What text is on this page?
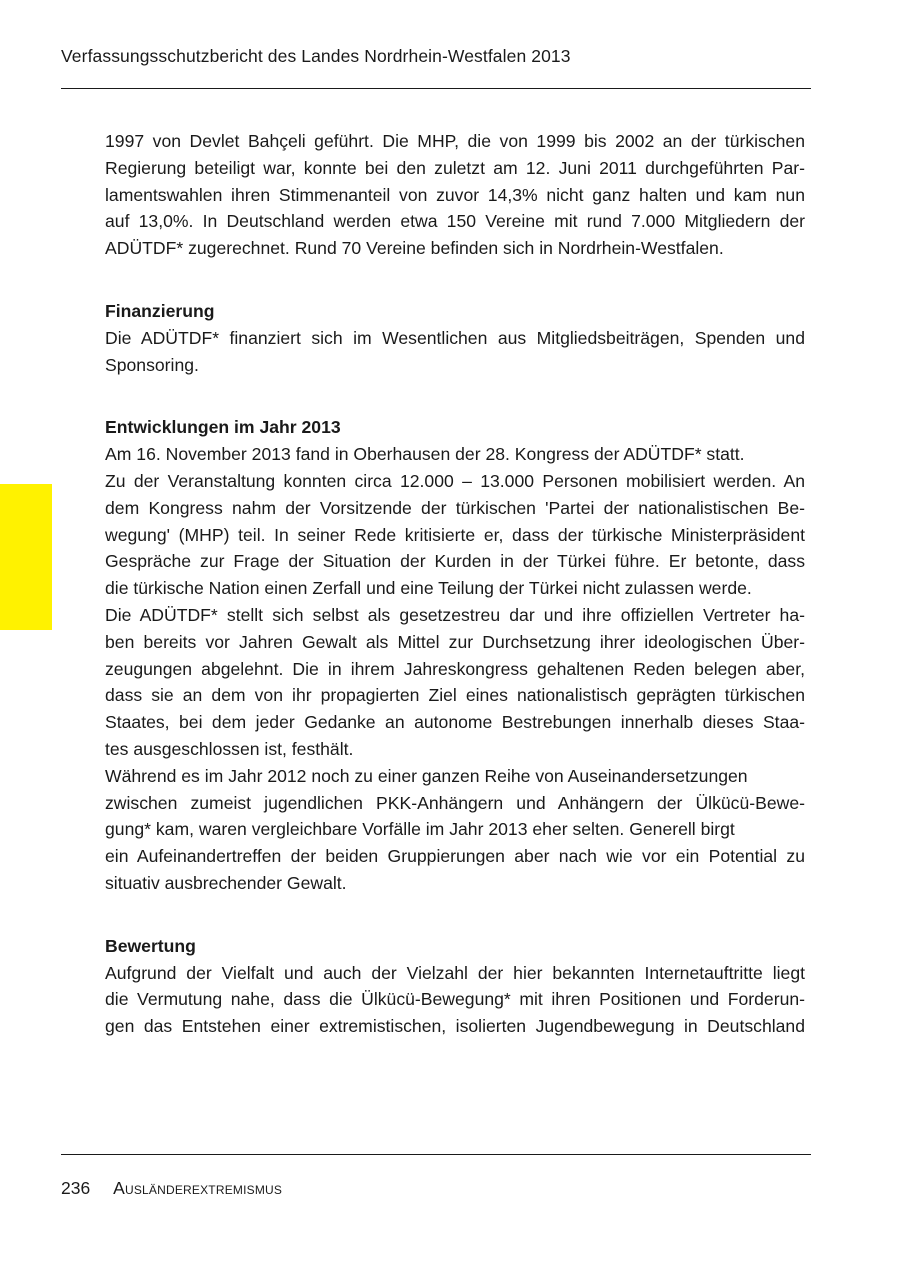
Verfassungsschutzbericht des Landes Nordrhein-Westfalen 2013

1997 von Devlet Bahçeli geführt. Die MHP, die von 1999 bis 2002 an der türkischen
Regierung beteiligt war, konnte bei den zuletzt am 12. Juni 2011 durchgeführten Par-
lamentswahlen ihren Stimmenanteil von zuvor 14,3% nicht ganz halten und kam nun
auf 13,0%. In Deutschland werden etwa 150 Vereine mit rund 7.000 Mitgliedern der
ADÜTDF* zugerechnet. Rund 70 Vereine befinden sich in Nordrhein-Westfalen.

Finanzierung

Die ADÜTDF* finanziert sich im Wesentlichen aus Mitgliedsbeiträgen, Spenden und
Sponsoring.

Entwicklungen im Jahr 2013

Am 16. November 2013 fand in Oberhausen der 28. Kongress der ADÜTDF* statt.
Zu der Veranstaltung konnten circa 12.000 – 13.000 Personen mobilisiert werden. An
dem Kongress nahm der Vorsitzende der türkischen 'Partei der nationalistischen Be-
wegung' (MHP) teil. In seiner Rede kritisierte er, dass der türkische Ministerpräsident
Gespräche zur Frage der Situation der Kurden in der Türkei führe. Er betonte, dass
die türkische Nation einen Zerfall und eine Teilung der Türkei nicht zulassen werde.

Die ADÜTDF* stellt sich selbst als gesetzestreu dar und ihre offiziellen Vertreter ha-
ben bereits vor Jahren Gewalt als Mittel zur Durchsetzung ihrer ideologischen Über-
zeugungen abgelehnt. Die in ihrem Jahreskongress gehaltenen Reden belegen aber,
dass sie an dem von ihr propagierten Ziel eines nationalistisch geprägten türkischen
Staates, bei dem jeder Gedanke an autonome Bestrebungen innerhalb dieses Staa-
tes ausgeschlossen ist, festhält.

Während es im Jahr 2012 noch zu einer ganzen Reihe von Auseinandersetzungen
zwischen zumeist jugendlichen PKK-Anhängern und Anhängern der Ülkücü-Bewe-
gung* kam, waren vergleichbare Vorfälle im Jahr 2013 eher selten. Generell birgt
ein Aufeinandertreffen der beiden Gruppierungen aber nach wie vor ein Potential zu
situativ ausbrechender Gewalt.

Bewertung

Aufgrund der Vielfalt und auch der Vielzahl der hier bekannten Internetauftritte liegt
die Vermutung nahe, dass die Ülkücü-Bewegung* mit ihren Positionen und Forderun-
gen das Entstehen einer extremistischen, isolierten Jugendbewegung in Deutschland

236 Ausländerextremismus
